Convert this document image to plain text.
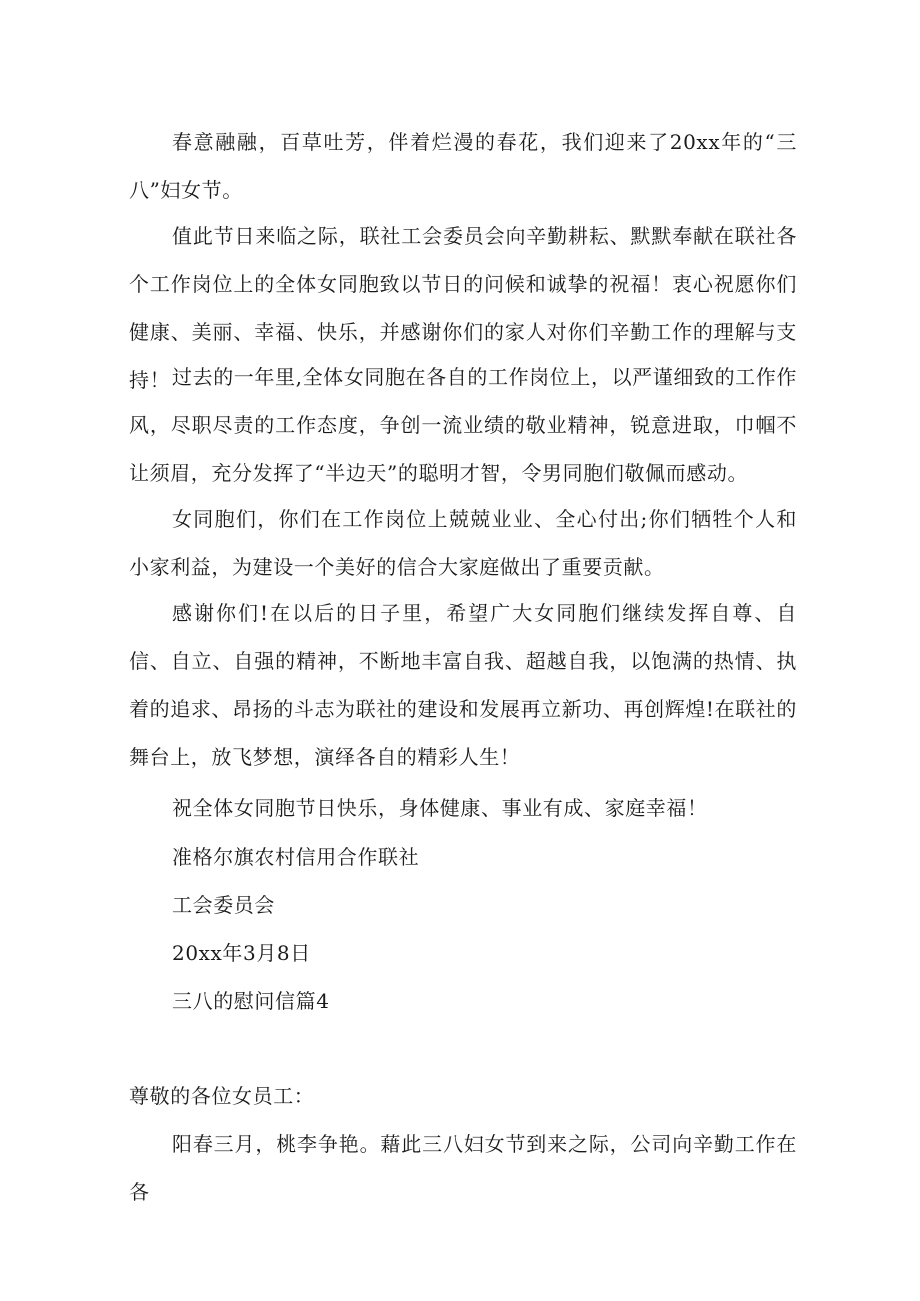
春意融融，百草吐芳，伴着烂漫的春花，我们迎来了20xx年的“三八”妇女节。

值此节日来临之际，联社工会委员会向辛勤耕耘、默默奉献在联社各个工作岗位上的全体女同胞致以节日的问候和诚挚的祝福！衷心祝愿你们健康、美丽、幸福、快乐，并感谢你们的家人对你们辛勤工作的理解与支持！ 过去的一年里,全体女同胞在各自的工作岗位上，以严谨细致的工作作风，尽职尽责的工作态度，争创一流业绩的敬业精神，锐意进取，巾帼不让须眉，充分发挥了“半边天”的聪明才智，令男同胞们敬佩而感动。

女同胞们，你们在工作岗位上兢兢业业、全心付出;你们牺牲个人和小家利益，为建设一个美好的信合大家庭做出了重要贡献。

感谢你们!在以后的日子里，希望广大女同胞们继续发挥自尊、自信、自立、自强的精神，不断地丰富自我、超越自我，以饱满的热情、执着的追求、昂扬的斗志为联社的建设和发展再立新功、再创辉煌!在联社的舞台上，放飞梦想，演绎各自的精彩人生！

祝全体女同胞节日快乐，身体健康、事业有成、家庭幸福！

准格尔旗农村信用合作联社

工会委员会

20xx年3月8日

三八的慰问信篇4

尊敬的各位女员工：

阳春三月，桃李争艳。藉此三八妇女节到来之际，公司向辛勤工作在各
